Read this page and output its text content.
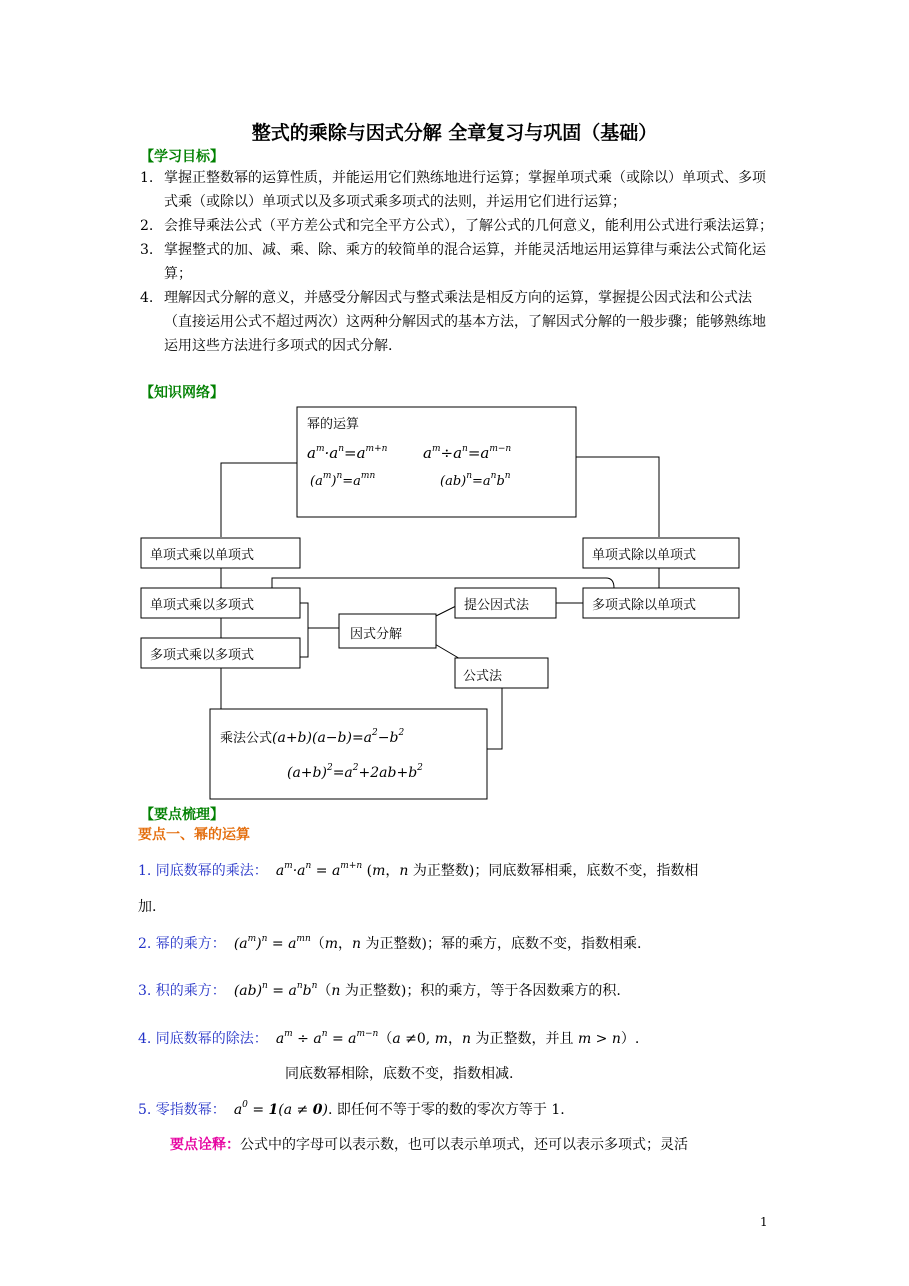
整式的乘除与因式分解 全章复习与巩固（基础）
【学习目标】
1. 掌握正整数幂的运算性质，并能运用它们熟练地进行运算；掌握单项式乘（或除以）单项式、多项式乘（或除以）单项式以及多项式乘多项式的法则，并运用它们进行运算；
2. 会推导乘法公式（平方差公式和完全平方公式），了解公式的几何意义，能利用公式进行乘法运算；
3. 掌握整式的加、减、乘、除、乘方的较简单的混合运算，并能灵活地运用运算律与乘法公式简化运算；
4. 理解因式分解的意义，并感受分解因式与整式乘法是相反方向的运算，掌握提公因式法和公式法（直接运用公式不超过两次）这两种分解因式的基本方法，了解因式分解的一般步骤；能够熟练地运用这些方法进行多项式的因式分解.
【知识网络】
幂的运算
$a^m\cdot a^n=a^{m+n}$ $a^m\div a^n=a^{m-n}$
$(a^m)^n=a^{mn}$	$(ab)^n=a^nb^n$
单项式乘以单项式	单项式除以单项式
单项式乘以多项式	多项式除以单项式
多项式乘以多项式
因式分解
提公因式法
公式法
乘法公式$(a+b)(a-b)=a^2-b^2$
$(a+b)^2=a^2+2ab+b^2$
【要点梳理】
要点一、幂的运算
1. 同底数幂的乘法： $a^m\cdot a^n = a^{m+n}$ (m，n 为正整数)；同底数幂相乘，底数不变，指数相
加.
2. 幂的乘方： $(a^m)^n = a^{mn}(m$，n 为正整数)；幂的乘方，底数不变，指数相乘.
3. 积的乘方： $(ab)^n = a^nb^n(n$ 为正整数)；积的乘方，等于各因数乘方的积.
4. 同底数幂的除法： $a^m \div a^n = a^{m-n}(a \ne 0$, m，n 为正整数，并且 m > n）.
同底数幂相除，底数不变，指数相减.
5. 零指数幂： $a^0 = 1(a \ne 0)$. 即任何不等于零的数的零次方等于 1.
要点诠释：公式中的字母可以表示数，也可以表示单项式，还可以表示多项式；灵活
1
